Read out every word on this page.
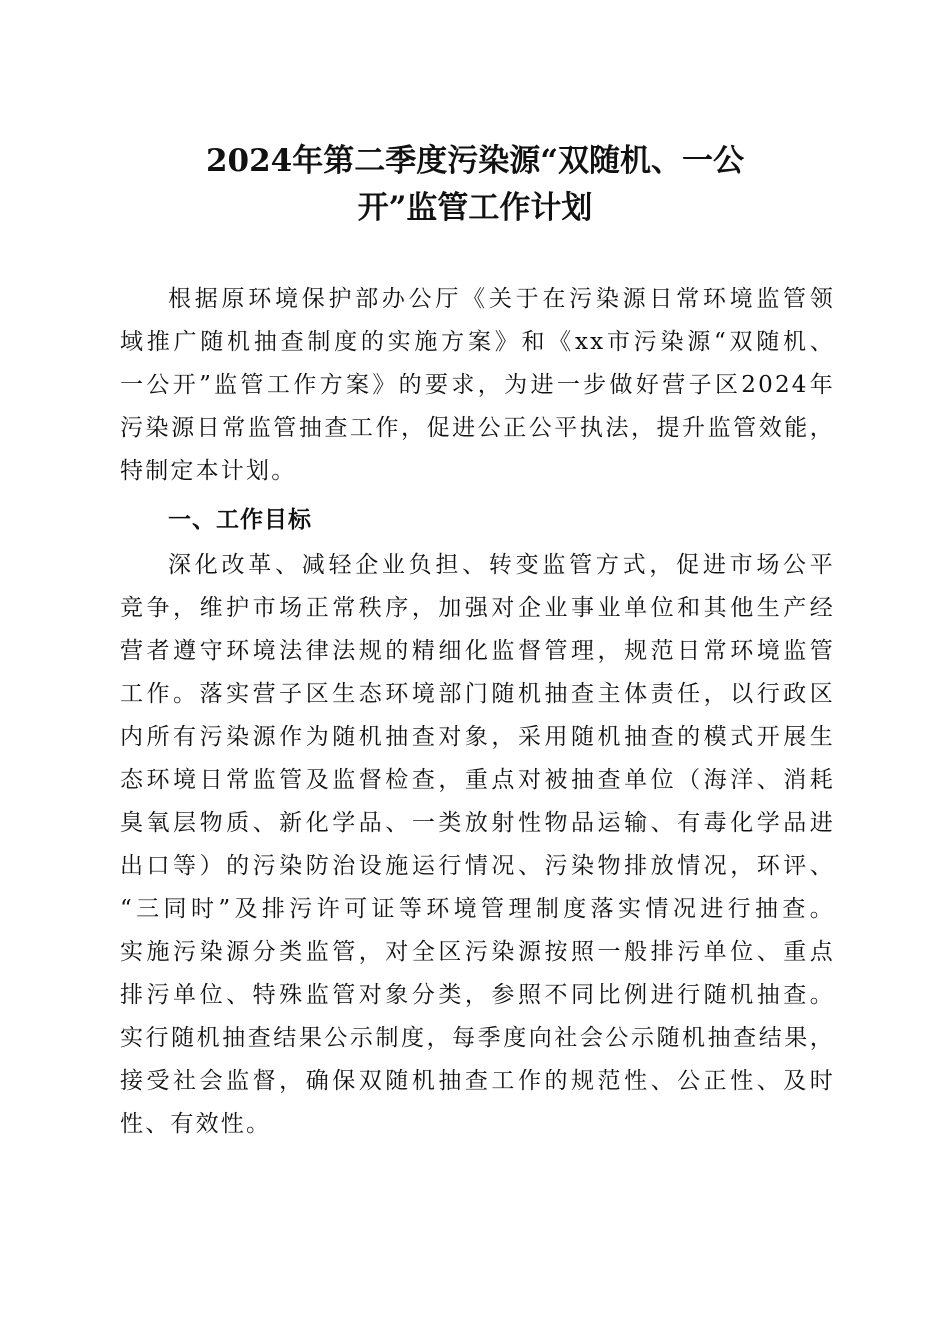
2024年第二季度污染源“双随机、一公
开”监管工作计划
根据原环境保护部办公厅《关于在污染源日常环境监管领
域推广随机抽查制度的实施方案》和《xx市污染源“双随机、
一公开”监管工作方案》的要求，为进一步做好营子区2024年
污染源日常监管抽查工作，促进公正公平执法，提升监管效能，
特制定本计划。
一、工作目标
深化改革、减轻企业负担、转变监管方式，促进市场公平
竞争，维护市场正常秩序，加强对企业事业单位和其他生产经
营者遵守环境法律法规的精细化监督管理，规范日常环境监管
工作。落实营子区生态环境部门随机抽查主体责任，以行政区
内所有污染源作为随机抽查对象，采用随机抽查的模式开展生
态环境日常监管及监督检查，重点对被抽查单位（海洋、消耗
臭氧层物质、新化学品、一类放射性物品运输、有毒化学品进
出口等）的污染防治设施运行情况、污染物排放情况，环评、
“三同时”及排污许可证等环境管理制度落实情况进行抽查。
实施污染源分类监管，对全区污染源按照一般排污单位、重点
排污单位、特殊监管对象分类，参照不同比例进行随机抽查。
实行随机抽查结果公示制度，每季度向社会公示随机抽查结果，
接受社会监督，确保双随机抽查工作的规范性、公正性、及时
性、有效性。
